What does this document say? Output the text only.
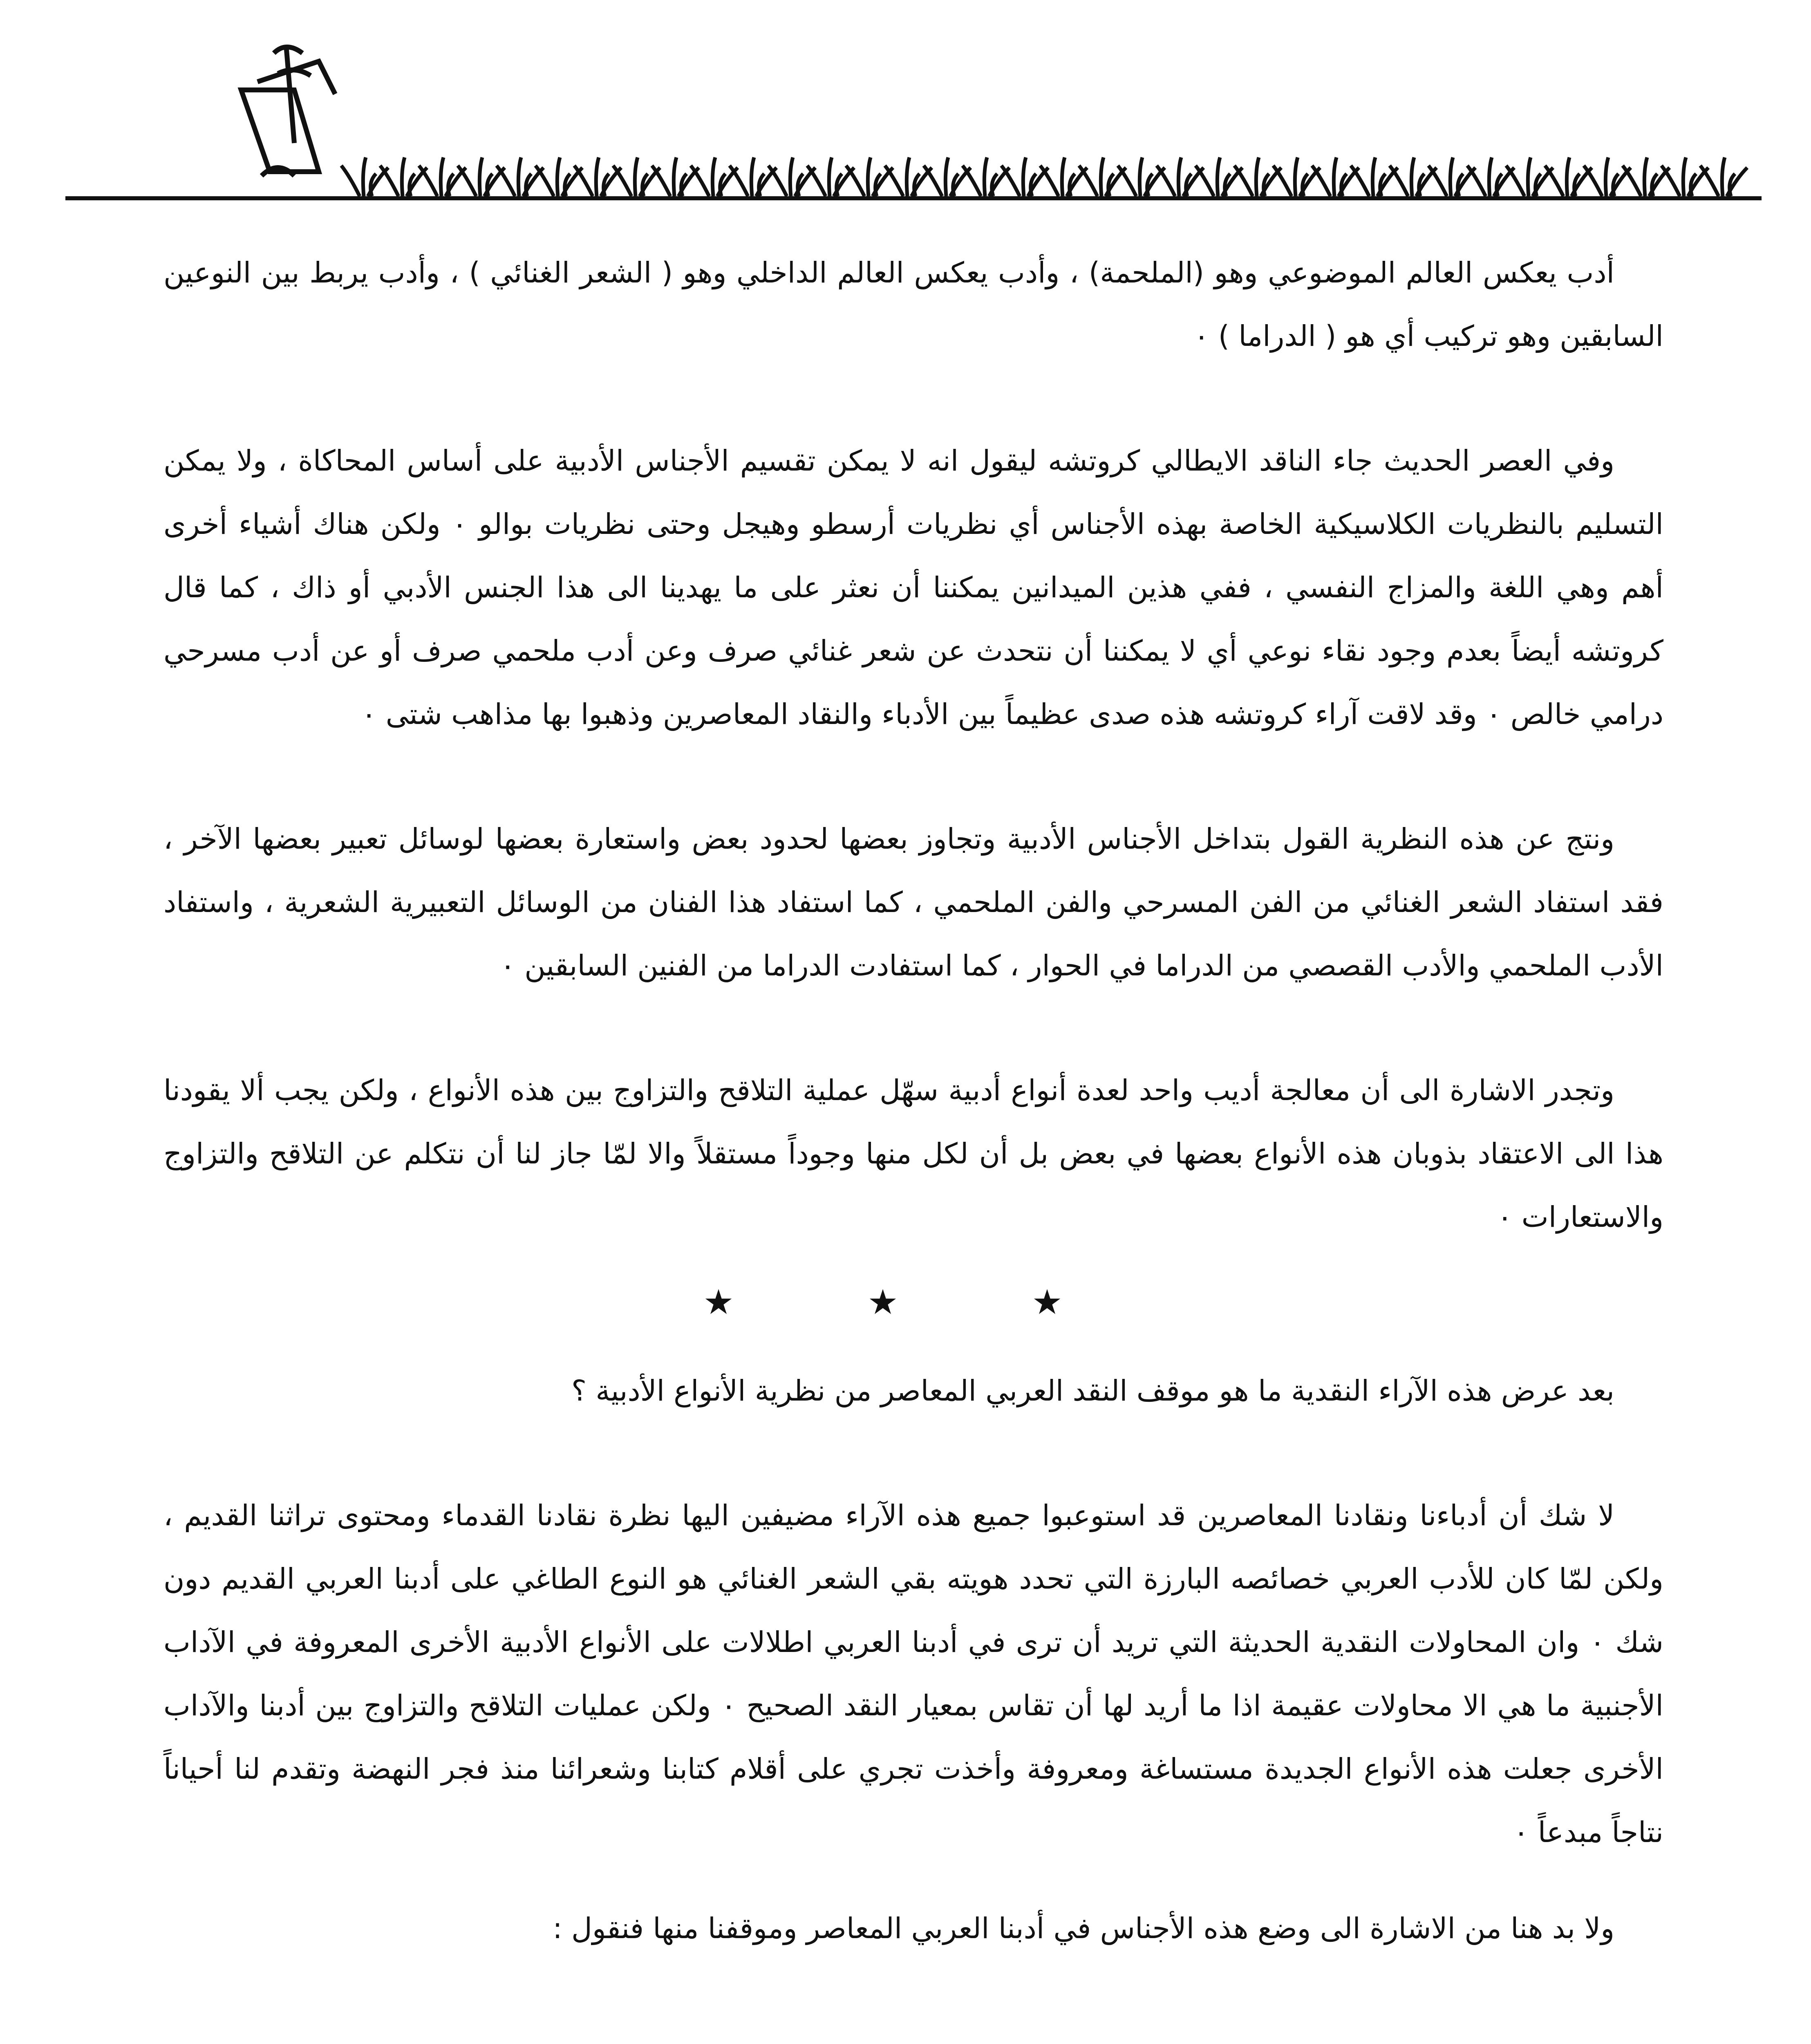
أدب يعكس العالم الموضوعي وهو (الملحمة) ، وأدب يعكس العالم الداخلي وهو ( الشعر الغنائي ) ، وأدب يربط بين النوعين السابقين وهو تركيب أي هو ( الدراما ) ٠

وفي العصر الحديث جاء الناقد الايطالي كروتشه ليقول انه لا يمكن تقسيم الأجناس الأدبية على أساس المحاكاة ، ولا يمكن التسليم بالنظريات الكلاسيكية الخاصة بهذه الأجناس أي نظريات أرسطو وهيجل وحتى نظريات بوالو ٠ ولكن هناك أشياء أخرى أهم وهي اللغة والمزاج النفسي ، ففي هذين الميدانين يمكننا أن نعثر على ما يهدينا الى هذا الجنس الأدبي أو ذاك ، كما قال كروتشه أيضاً بعدم وجود نقاء نوعي أي لا يمكننا أن نتحدث عن شعر غنائي صرف وعن أدب ملحمي صرف أو عن أدب مسرحي درامي خالص ٠ وقد لاقت آراء كروتشه هذه صدى عظيماً بين الأدباء والنقاد المعاصرين وذهبوا بها مذاهب شتى ٠

ونتج عن هذه النظرية القول بتداخل الأجناس الأدبية وتجاوز بعضها لحدود بعض واستعارة بعضها لوسائل تعبير بعضها الآخر ، فقد استفاد الشعر الغنائي من الفن المسرحي والفن الملحمي ، كما استفاد هذا الفنان من الوسائل التعبيرية الشعرية ، واستفاد الأدب الملحمي والأدب القصصي من الدراما في الحوار ، كما استفادت الدراما من الفنين السابقين ٠

وتجدر الاشارة الى أن معالجة أديب واحد لعدة أنواع أدبية سهّل عملية التلاقح والتزاوج بين هذه الأنواع ، ولكن يجب ألا يقودنا هذا الى الاعتقاد بذوبان هذه الأنواع بعضها في بعض بل أن لكل منها وجوداً مستقلاً والا لمّا جاز لنا أن نتكلم عن التلاقح والتزاوج والاستعارات ٠

★ ★ ★

بعد عرض هذه الآراء النقدية ما هو موقف النقد العربي المعاصر من نظرية الأنواع الأدبية ؟

لا شك أن أدباءنا ونقادنا المعاصرين قد استوعبوا جميع هذه الآراء مضيفين اليها نظرة نقادنا القدماء ومحتوى تراثنا القديم ، ولكن لمّا كان للأدب العربي خصائصه البارزة التي تحدد هويته بقي الشعر الغنائي هو النوع الطاغي على أدبنا العربي القديم دون شك ٠ وان المحاولات النقدية الحديثة التي تريد أن ترى في أدبنا العربي اطلالات على الأنواع الأدبية الأخرى المعروفة في الآداب الأجنبية ما هي الا محاولات عقيمة اذا ما أريد لها أن تقاس بمعيار النقد الصحيح ٠ ولكن عمليات التلاقح والتزاوج بين أدبنا والآداب الأخرى جعلت هذه الأنواع الجديدة مستساغة ومعروفة وأخذت تجري على أقلام كتابنا وشعرائنا منذ فجر النهضة وتقدم لنا أحياناً نتاجاً مبدعاً ٠

ولا بد هنا من الاشارة الى وضع هذه الأجناس في أدبنا العربي المعاصر وموقفنا منها فنقول :
